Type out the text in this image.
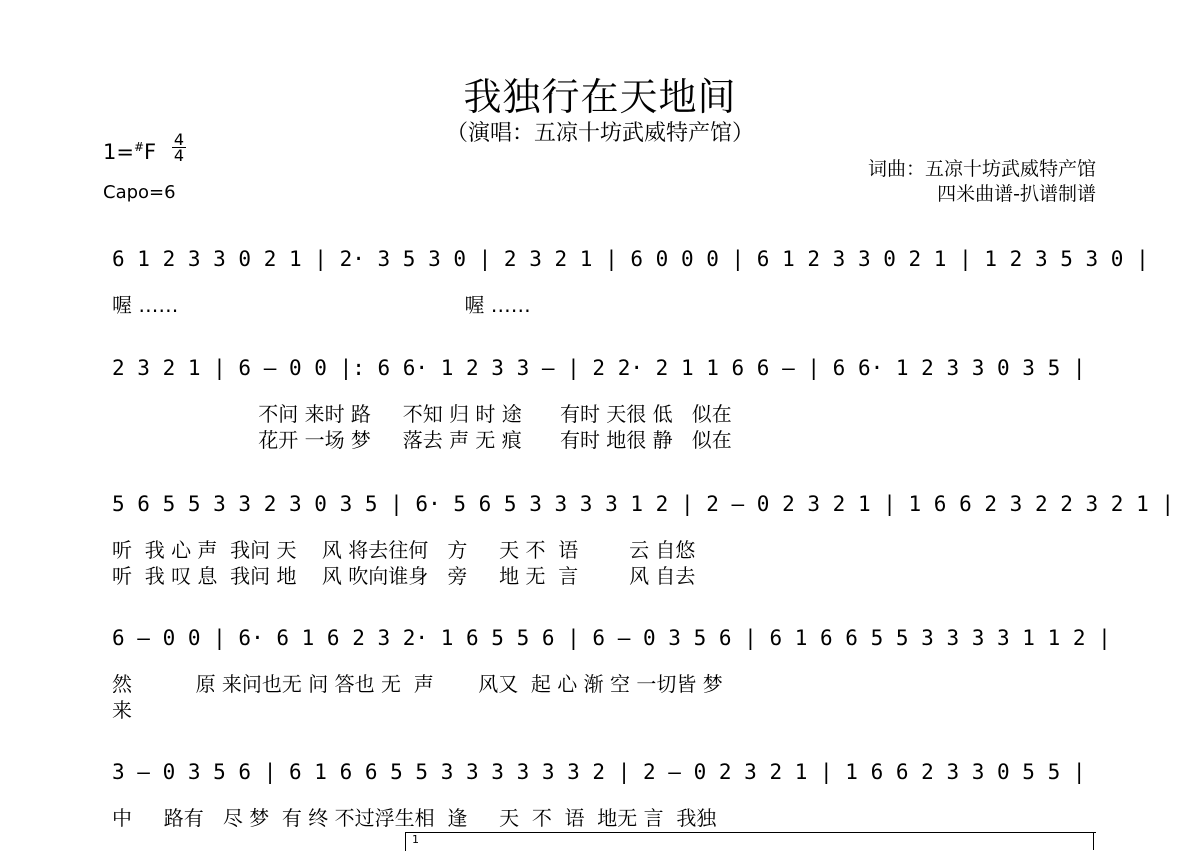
我独行在天地间
（演唱：五凉十坊武威特产馆）
1=#F
4
4
Capo=6
词曲：五凉十坊武威特产馆
四米曲谱-扒谱制谱
6 1 2 3 3 0 2 1 | 2· 3 5 3 0 | 2 3 2 1 | 6 0 0 0 | 6 1 2 3 3 0 2 1 | 1 2 3 5 3 0 |
喔 ……                                             喔 ……
2 3 2 1 | 6 — 0 0 |: 6 6· 1 2 3 3 — | 2 2· 2 1 1 6 6 — | 6 6· 1 2 3 3 0 3 5 |
不问 来时 路     不知 归 时 途      有时 天很 低   似在
花开 一场 梦     落去 声 无 痕      有时 地很 静   似在
5 6 5 5 3 3 2 3 0 3 5 | 6· 5 6 5 3 3 3 3 1 2 | 2 — 0 2 3 2 1 | 1 6 6 2 3 2 2 3 2 1 |
听  我 心 声  我问 天    风 将去往何   方     天 不  语        云 自悠
听  我 叹 息  我问 地    风 吹向谁身   旁     地 无  言        风 自去
6 — 0 0 | 6· 6 1 6 2 3 2· 1 6 5 5 6 | 6 — 0 3 5 6 | 6 1 6 6 5 5 3 3 3 3 1 1 2 |
然          原 来问也无 问 答也 无  声       风又  起 心 渐 空 一切皆 梦
来
3 — 0 3 5 6 | 6 1 6 6 5 5 3 3 3 3 3 3 2 | 2 — 0 2 3 2 1 | 1 6 6 2 3 3 0 5 5 |
中     路有   尽 梦  有 终 不过浮生相  逢     天  不  语  地无 言  我独
1
